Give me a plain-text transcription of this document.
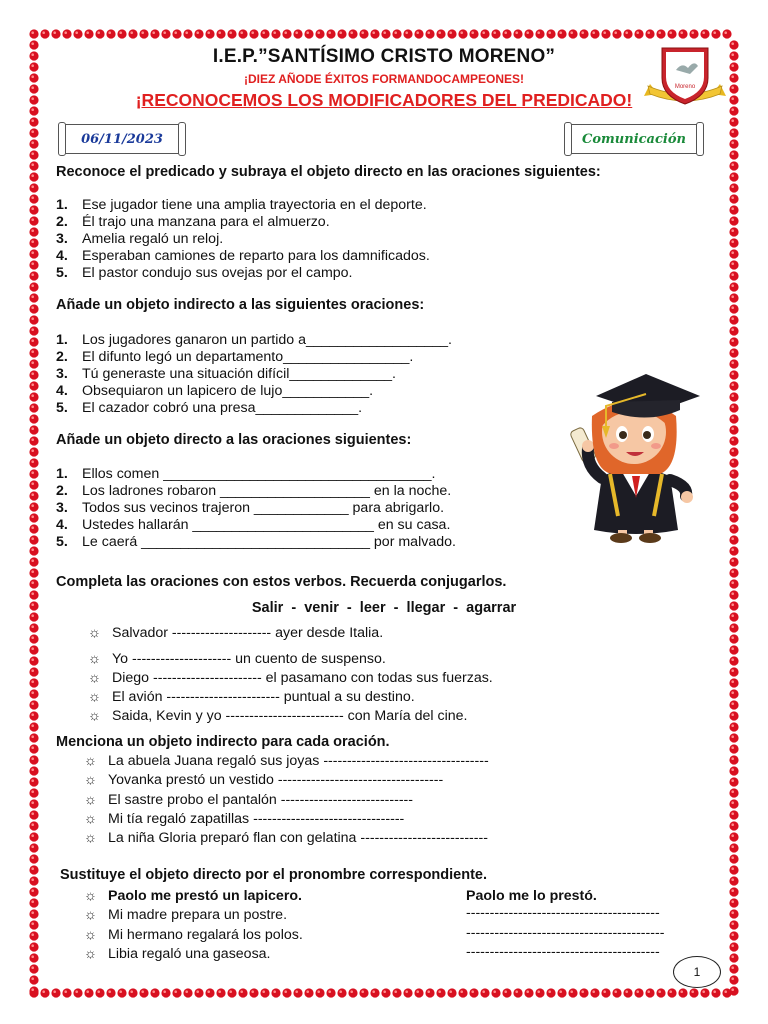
I.E.P.”SANTÍSIMO CRISTO MORENO”
¡DIEZ AÑODE ÉXITOS FORMANDOCAMPEONES!
¡RECONOCEMOS LOS MODIFICADORES DEL PREDICADO!
Moreno
06/11/2023	Comunicación
Reconoce el predicado y subraya el objeto directo en las oraciones siguientes:
1. Ese jugador tiene una amplia trayectoria en el deporte.
2. Él trajo una manzana para el almuerzo.
3. Amelia regaló un reloj.
4. Esperaban camiones de reparto para los damnificados.
5. El pastor condujo sus ovejas por el campo.
Añade un objeto indirecto a las siguientes oraciones:
1. Los jugadores ganaron un partido a__________________.
2. El difunto legó un departamento________________.
3. Tú generaste una situación difícil_____________.
4. Obsequiaron un lapicero de lujo___________.
5. El cazador cobró una presa_____________.
Añade un objeto directo a las oraciones siguientes:
1. Ellos comen __________________________________.
2. Los ladrones robaron ___________________ en la noche.
3. Todos sus vecinos trajeron ____________ para abrigarlo.
4. Ustedes hallarán _______________________ en su casa.
5. Le caerá _____________________________ por malvado.
Completa las oraciones con estos verbos. Recuerda conjugarlos.
Salir  -  venir  -  leer  -  llegar  -  agarrar
☼ Salvador --------------------- ayer desde Italia.
☼ Yo --------------------- un cuento de suspenso.
☼ Diego ----------------------- el pasamano con todas sus fuerzas.
☼ El avión ------------------------ puntual a su destino.
☼ Saida, Kevin y yo ------------------------- con María del cine.
Menciona un objeto indirecto para cada oración.
☼ La abuela Juana regaló sus joyas -----------------------------------
☼ Yovanka prestó un vestido -----------------------------------
☼ El sastre probo el pantalón ----------------------------
☼ Mi tía regaló zapatillas --------------------------------
☼ La niña Gloria preparó flan con gelatina ---------------------------
Sustituye el objeto directo por el pronombre correspondiente.
☼ Paolo me prestó un lapicero.	Paolo me lo prestó.
☼ Mi madre prepara un postre.	-----------------------------------------
☼ Mi hermano regalará los polos.	------------------------------------------
☼ Libia regaló una gaseosa.	-----------------------------------------
1
